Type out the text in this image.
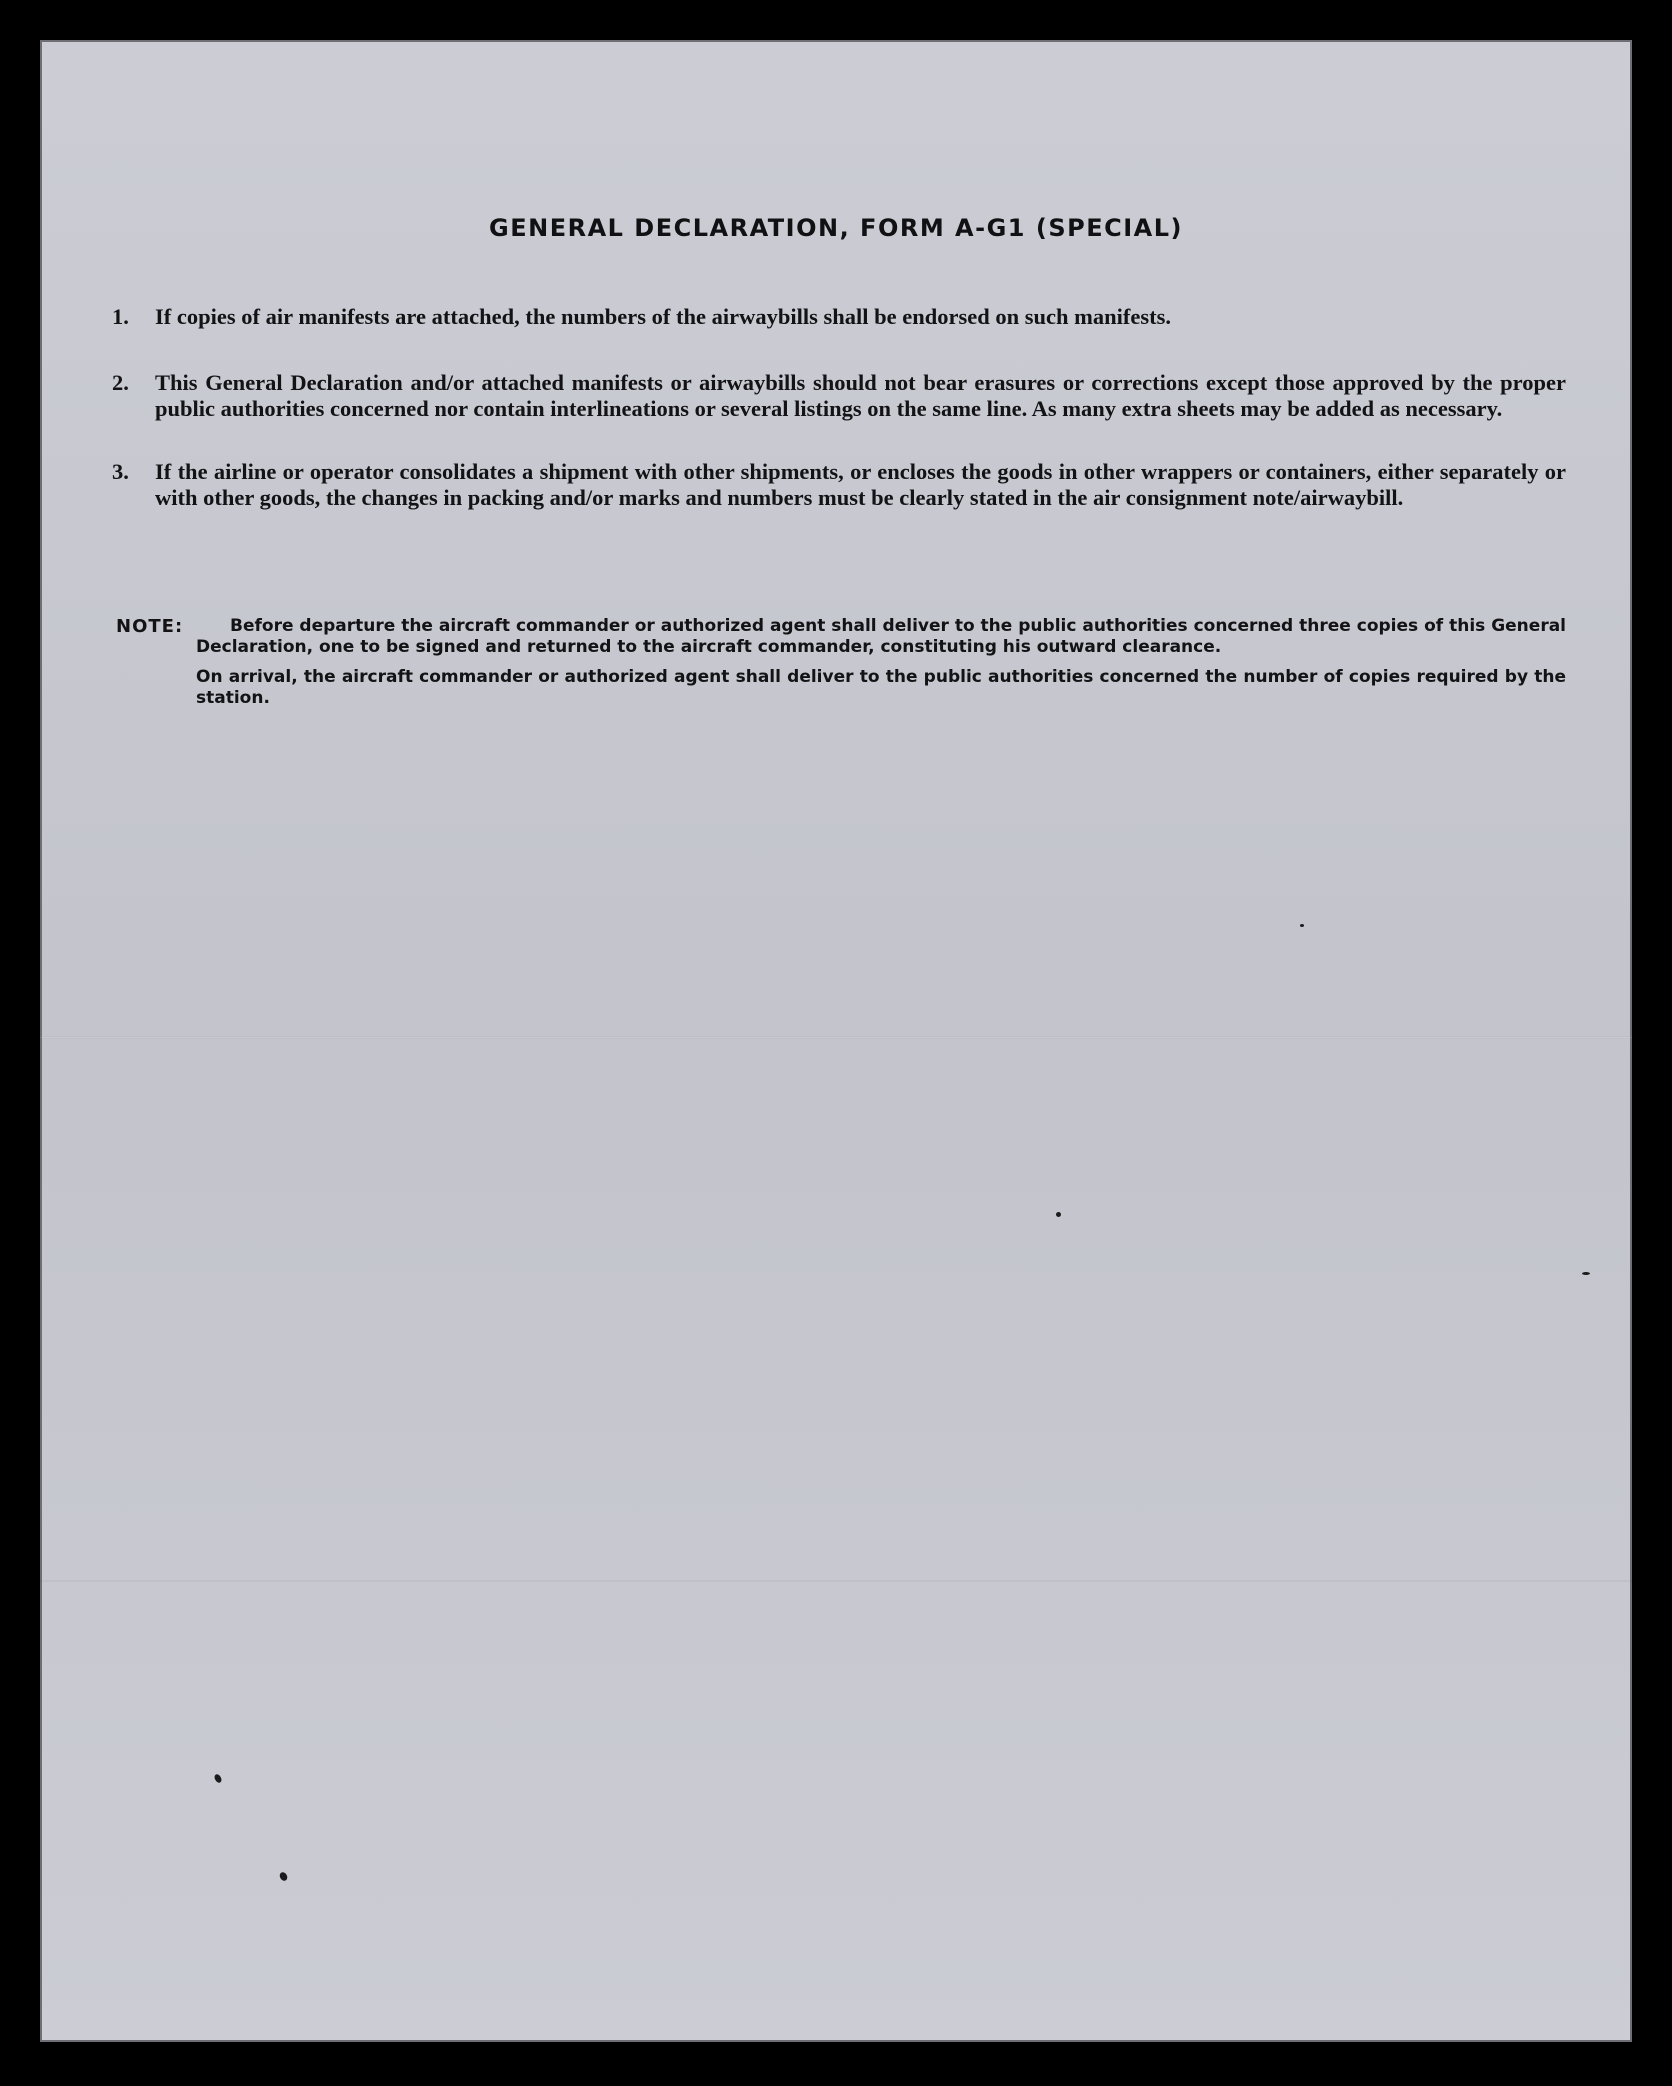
GENERAL DECLARATION, FORM A-G1 (SPECIAL)
1. If copies of air manifests are attached, the numbers of the airwaybills shall be endorsed on such manifests.
2. This General Declaration and/or attached manifests or airwaybills should not bear erasures or corrections except those approved by the proper public authorities concerned nor contain interlineations or several listings on the same line. As many extra sheets may be added as necessary.
3. If the airline or operator consolidates a shipment with other shipments, or encloses the goods in other wrappers or containers, either separately or with other goods, the changes in packing and/or marks and numbers must be clearly stated in the air consignment note/airwaybill.
NOTE:	Before departure the aircraft commander or authorized agent shall deliver to the public authorities concerned three copies of this General Declaration, one to be signed and returned to the aircraft commander, constituting his outward clearance.
On arrival, the aircraft commander or authorized agent shall deliver to the public authorities concerned the number of copies required by the station.
